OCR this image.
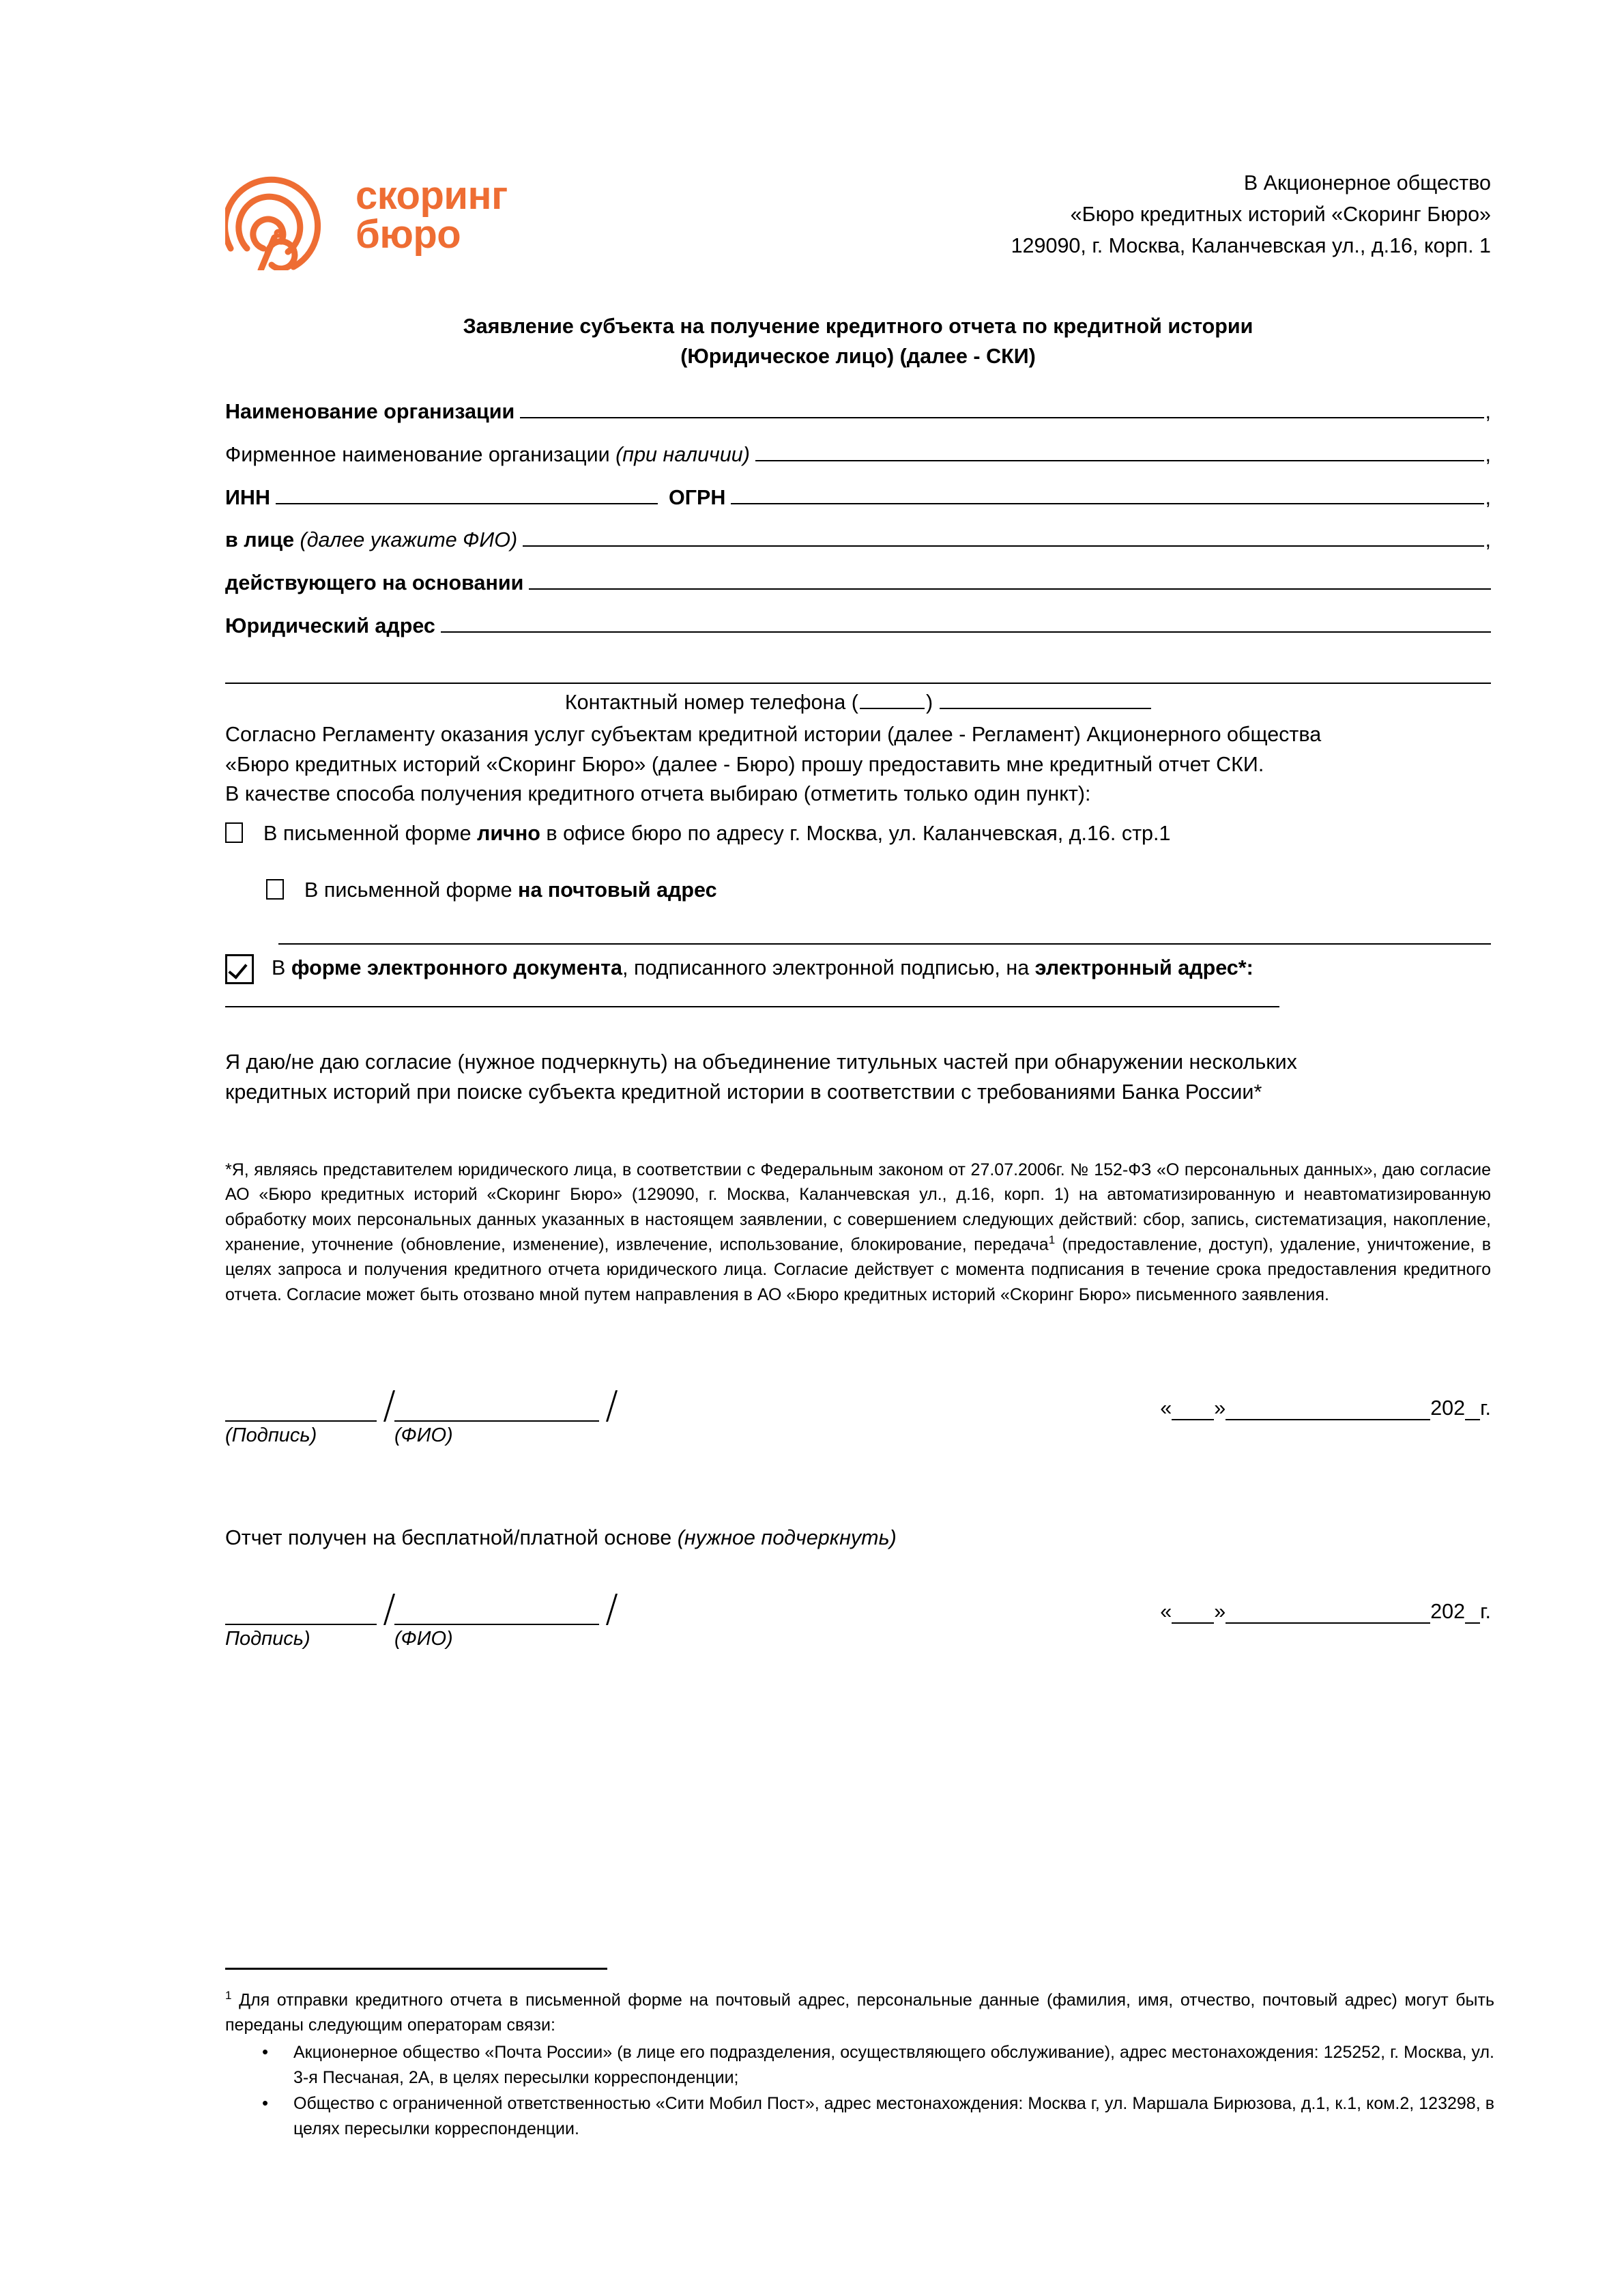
скоринг
бюро
В Акционерное общество
«Бюро кредитных историй «Скоринг Бюро»
129090, г. Москва, Каланчевская ул., д.16, корп. 1
Заявление субъекта на получение кредитного отчета по кредитной истории
(Юридическое лицо) (далее - СКИ)
Наименование организации	,
Фирменное наименование организации
(при наличии)	,
ИНН	ОГРН	,
в лице
(далее укажите ФИО)	,
действующего на основании
Юридический адрес
Контактный номер телефона (	)
Согласно Регламенту оказания услуг субъектам кредитной истории (далее - Регламент) Акционерного общества
«Бюро кредитных историй «Скоринг Бюро» (далее - Бюро) прошу предоставить мне кредитный отчет СКИ.
В качестве способа получения кредитного отчета выбираю (отметить только один пункт):
В письменной форме лично в офисе бюро по адресу г. Москва, ул. Каланчевская, д.16. стр.1
В письменной форме на почтовый адрес
В форме электронного документа, подписанного электронной подписью, на электронный адрес*:
Я даю/не даю согласие (нужное подчеркнуть) на объединение титульных частей при обнаружении нескольких
кредитных историй при поиске субъекта кредитной истории в соответствии с требованиями Банка России*
*Я, являясь представителем юридического лица, в соответствии с Федеральным законом от 27.07.2006г. № 152-ФЗ «О персональных данных», даю согласие АО «Бюро кредитных историй «Скоринг Бюро» (129090, г. Москва, Каланчевская ул., д.16, корп. 1) на автоматизированную и неавтоматизированную обработку моих персональных данных указанных в настоящем заявлении, с совершением следующих действий: сбор, запись, систематизация, накопление, хранение, уточнение (обновление, изменение), извлечение, использование, блокирование, передача$^1$ (предоставление, доступ), удаление, уничтожение, в целях запроса и получения кредитного отчета юридического лица. Согласие действует с момента подписания в течение срока предоставления кредитного отчета. Согласие может быть отозвано мной путем направления в АО «Бюро кредитных историй «Скоринг Бюро» письменного заявления.
« »	202 г.
(Подпись)	(ФИО)
Отчет получен на бесплатной/платной основе (нужное подчеркнуть)
« »	202 г.
Подпись)	(ФИО)
$^1$ Для отправки кредитного отчета в письменной форме на почтовый адрес, персональные данные (фамилия, имя, отчество, почтовый адрес) могут быть переданы следующим операторам связи:
• Акционерное общество «Почта России» (в лице его подразделения, осуществляющего обслуживание), адрес местонахождения: 125252, г. Москва, ул. 3-я Песчаная, 2А, в целях пересылки корреспонденции;
• Общество с ограниченной ответственностью «Сити Мобил Пост», адрес местонахождения: Москва г, ул. Маршала Бирюзова, д.1, к.1, ком.2, 123298, в целях пересылки корреспонденции.
